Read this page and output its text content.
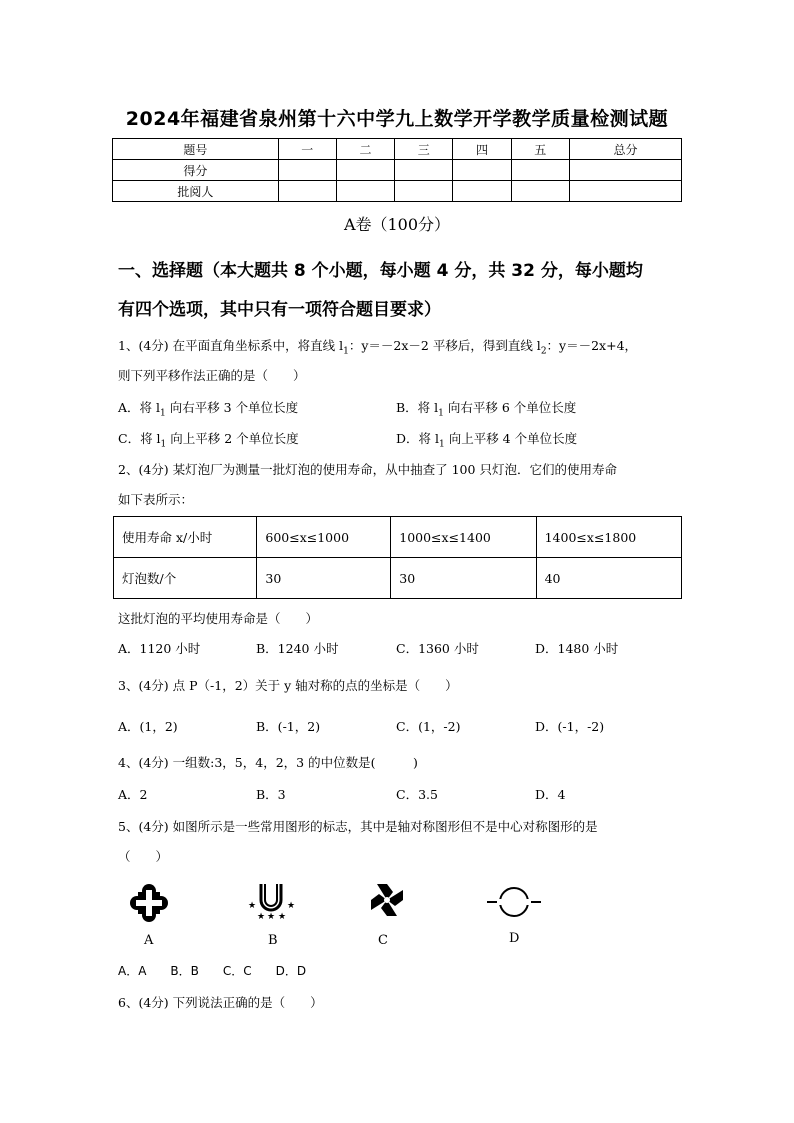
2024年福建省泉州第十六中学九上数学开学教学质量检测试题
题号	一	二	三	四	五	总分
得分						
批阅人						
A卷（100分）
一、选择题（本大题共 8 个小题，每小题 4 分，共 32 分，每小题均
有四个选项，其中只有一项符合题目要求）
1、(4分) 在平面直角坐标系中，将直线 $l_1$：y＝－2x－2 平移后，得到直线 $l_2$：y＝－2x+4，
则下列平移作法正确的是（　　）
A．将 $l_1$ 向右平移 3 个单位长度	B．将 $l_1$ 向右平移 6 个单位长度
C．将 $l_1$ 向上平移 2 个单位长度	D．将 $l_1$ 向上平移 4 个单位长度
2、(4分) 某灯泡厂为测量一批灯泡的使用寿命，从中抽查了 100 只灯泡．它们的使用寿命
如下表所示：
使用寿命 x/小时	600≤x≤1000	1000≤x≤1400	1400≤x≤1800
灯泡数/个	30	30	40
这批灯泡的平均使用寿命是（　　）
A．1120 小时	B．1240 小时	C．1360 小时	D．1480 小时
3、(4分) 点 P（-1，2）关于 y 轴对称的点的坐标是（　　）
A．(1，2)	B．(-1，2)	C．(1，-2)	D．(-1，-2)
4、(4分) 一组数:3，5，4，2，3 的中位数是(　　　)
A．2	B．3	C．3.5	D．4
5、(4分) 如图所示是一些常用图形的标志，其中是轴对称图形但不是中心对称图形的是
（　　）
★	★
★ ★ ★
A	B	C	D
A．A　　B．B　　C．C　　D．D
6、(4分) 下列说法正确的是（　　）
